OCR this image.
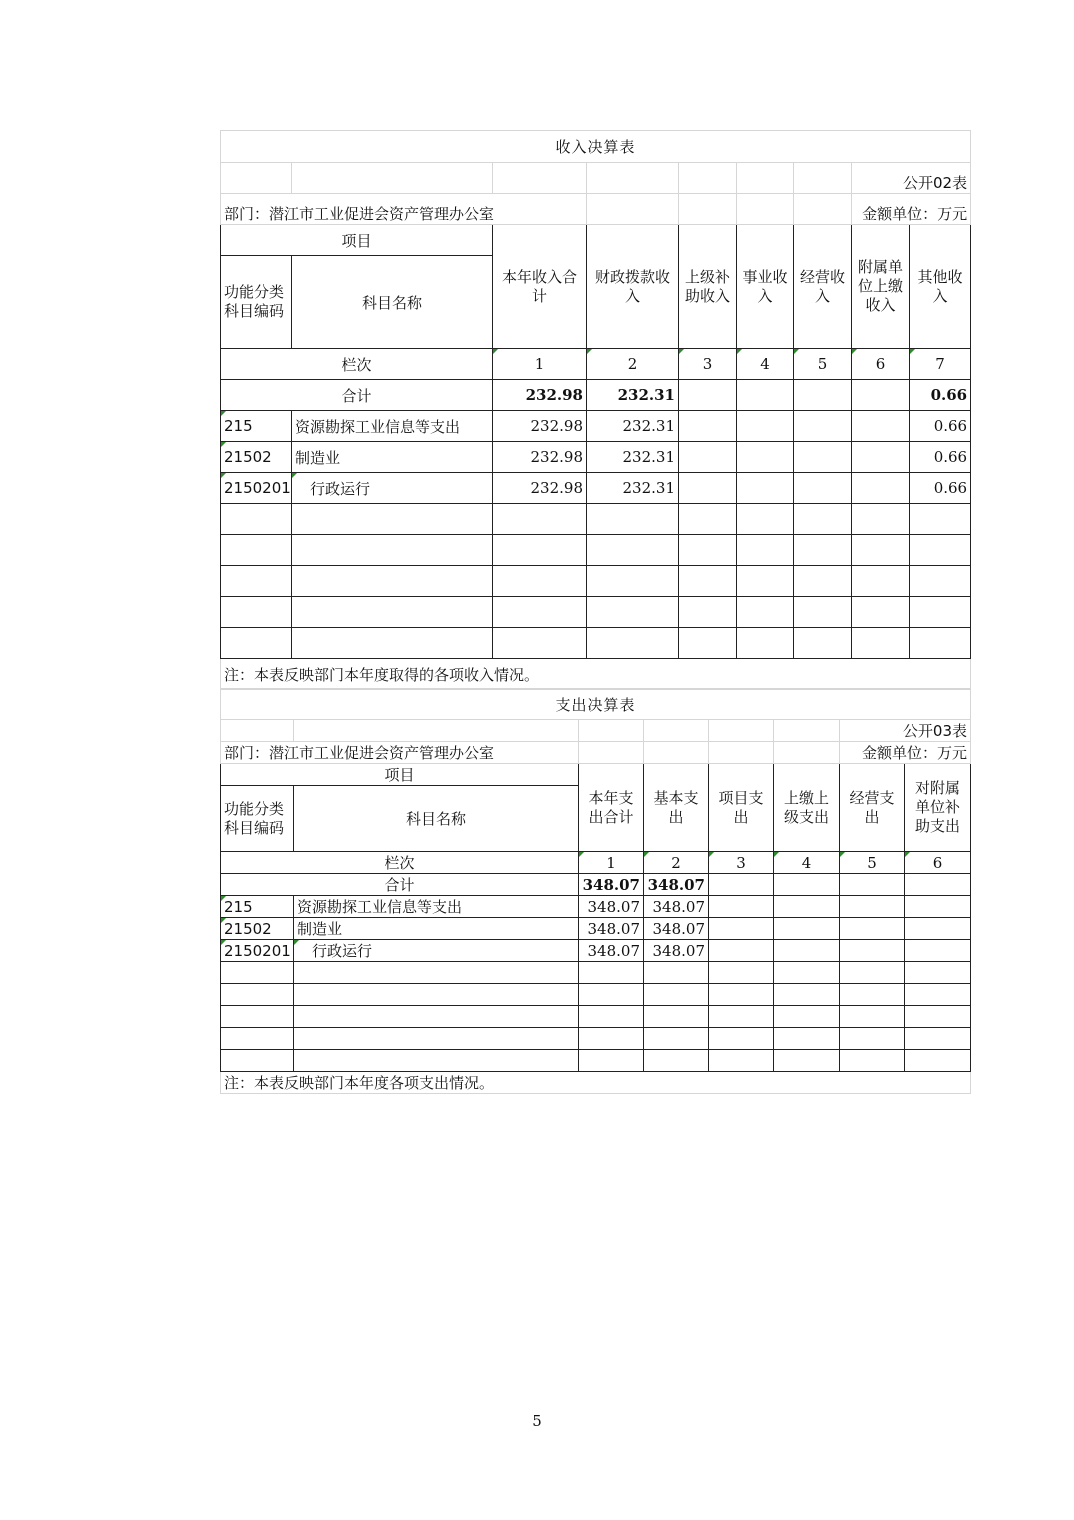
收入决算表								
							公开02表	
部门：潜江市工业促进会资产管理办公室							金额单位：万元	
项目		本年收入合计	财政拨款收入	上级补助收入	事业收入	经营收入	附属单位上缴收入	其他收入
功能分类科目编码	科目名称							
栏次		1	2	3	4	5	6	7
合计		232.98	232.31					0.66
215	资源勘探工业信息等支出	232.98	232.31					0.66
21502	制造业	232.98	232.31					0.66
2150201	行政运行	232.98	232.31					0.66

注：本表反映部门本年度取得的各项收入情况。								
支出决算表							
						公开03表	
部门：潜江市工业促进会资产管理办公室						金额单位：万元	
项目		本年支出合计	基本支出	项目支出	上缴上级支出	经营支出	对附属单位补助支出
功能分类科目编码	科目名称						
栏次		1	2	3	4	5	6
合计		348.07	348.07				
215	资源勘探工业信息等支出	348.07	348.07				
21502	制造业	348.07	348.07				
2150201	行政运行	348.07	348.07				

注：本表反映部门本年度各项支出情况。							
5
